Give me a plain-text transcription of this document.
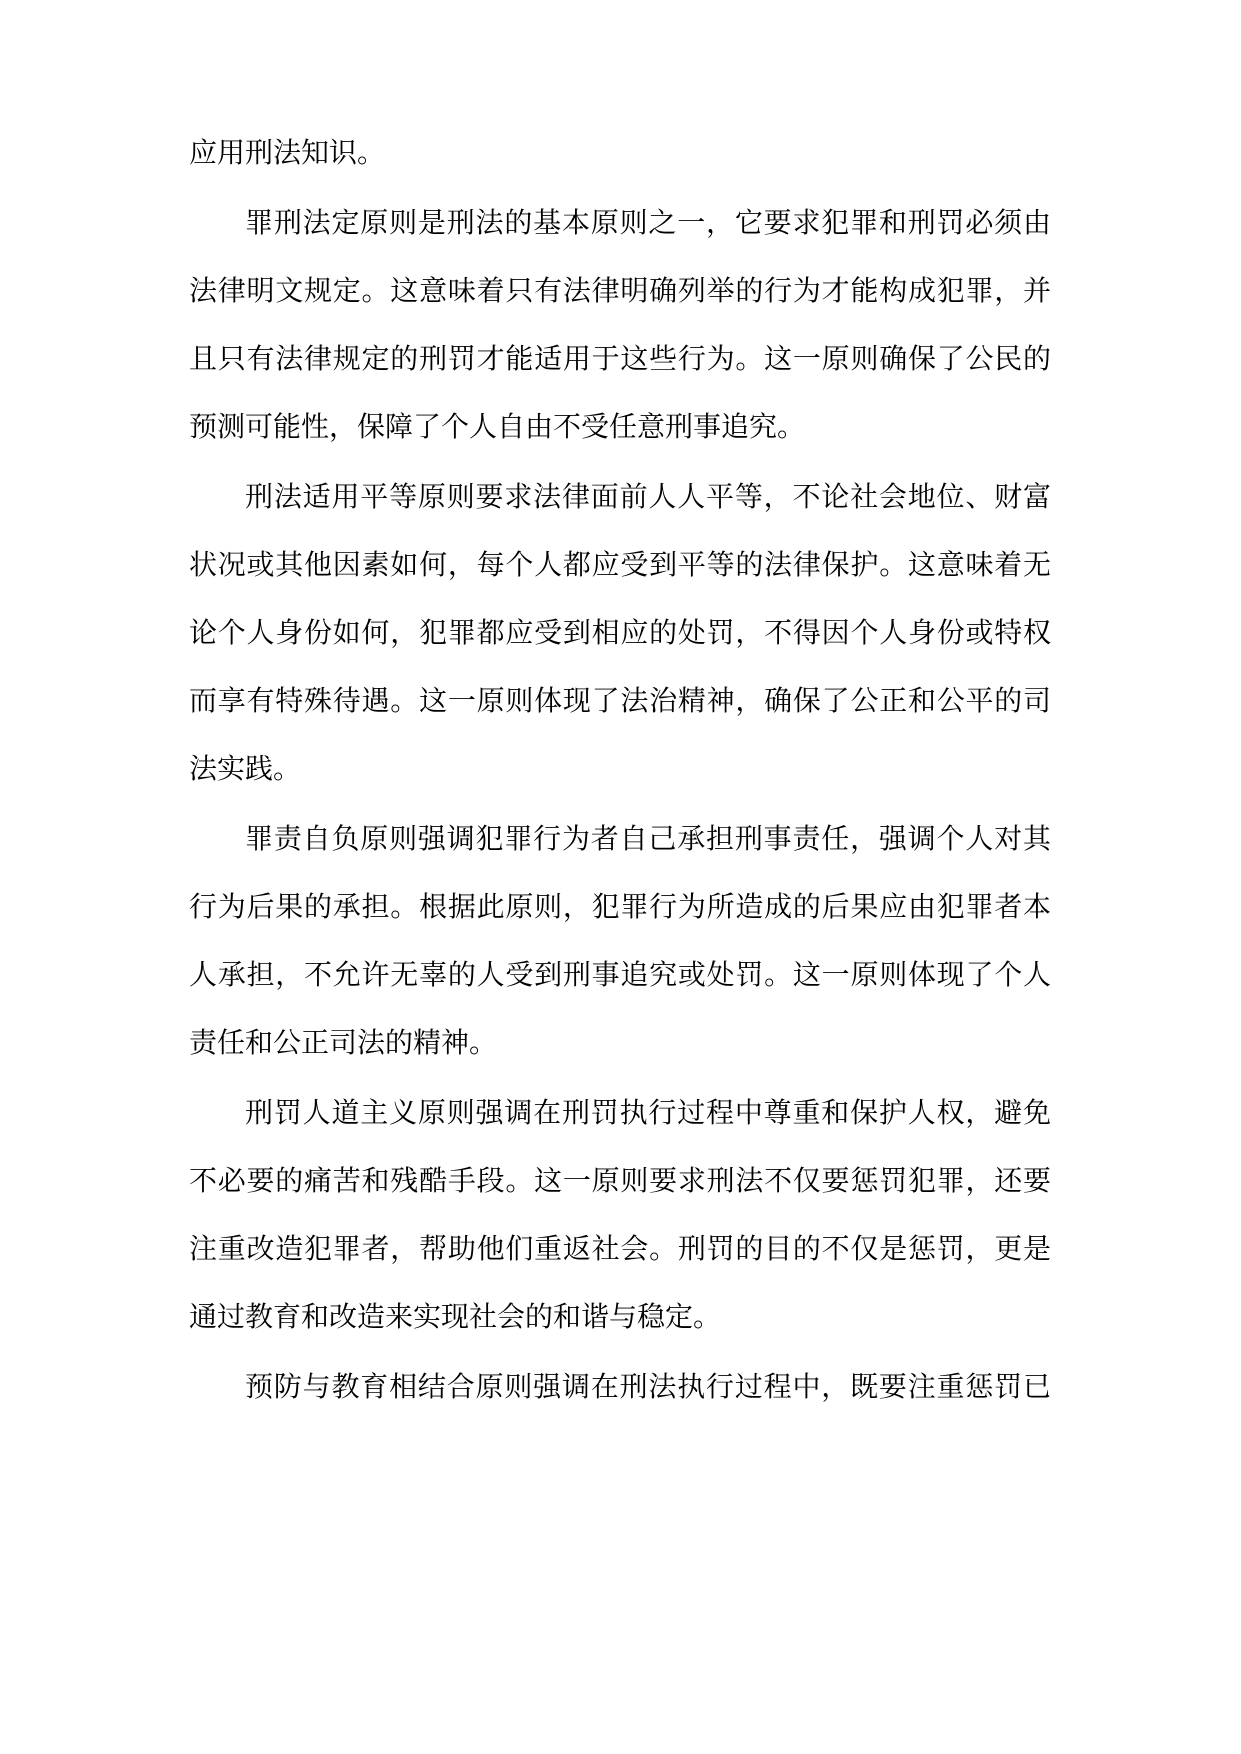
应用刑法知识。

罪刑法定原则是刑法的基本原则之一，它要求犯罪和刑罚必须由

法律明文规定。这意味着只有法律明确列举的行为才能构成犯罪，并

且只有法律规定的刑罚才能适用于这些行为。这一原则确保了公民的

预测可能性，保障了个人自由不受任意刑事追究。

刑法适用平等原则要求法律面前人人平等，不论社会地位、财富

状况或其他因素如何，每个人都应受到平等的法律保护。这意味着无

论个人身份如何，犯罪都应受到相应的处罚，不得因个人身份或特权

而享有特殊待遇。这一原则体现了法治精神，确保了公正和公平的司

法实践。

罪责自负原则强调犯罪行为者自己承担刑事责任，强调个人对其

行为后果的承担。根据此原则，犯罪行为所造成的后果应由犯罪者本

人承担，不允许无辜的人受到刑事追究或处罚。这一原则体现了个人

责任和公正司法的精神。

刑罚人道主义原则强调在刑罚执行过程中尊重和保护人权，避免

不必要的痛苦和残酷手段。这一原则要求刑法不仅要惩罚犯罪，还要

注重改造犯罪者，帮助他们重返社会。刑罚的目的不仅是惩罚，更是

通过教育和改造来实现社会的和谐与稳定。

预防与教育相结合原则强调在刑法执行过程中，既要注重惩罚已
